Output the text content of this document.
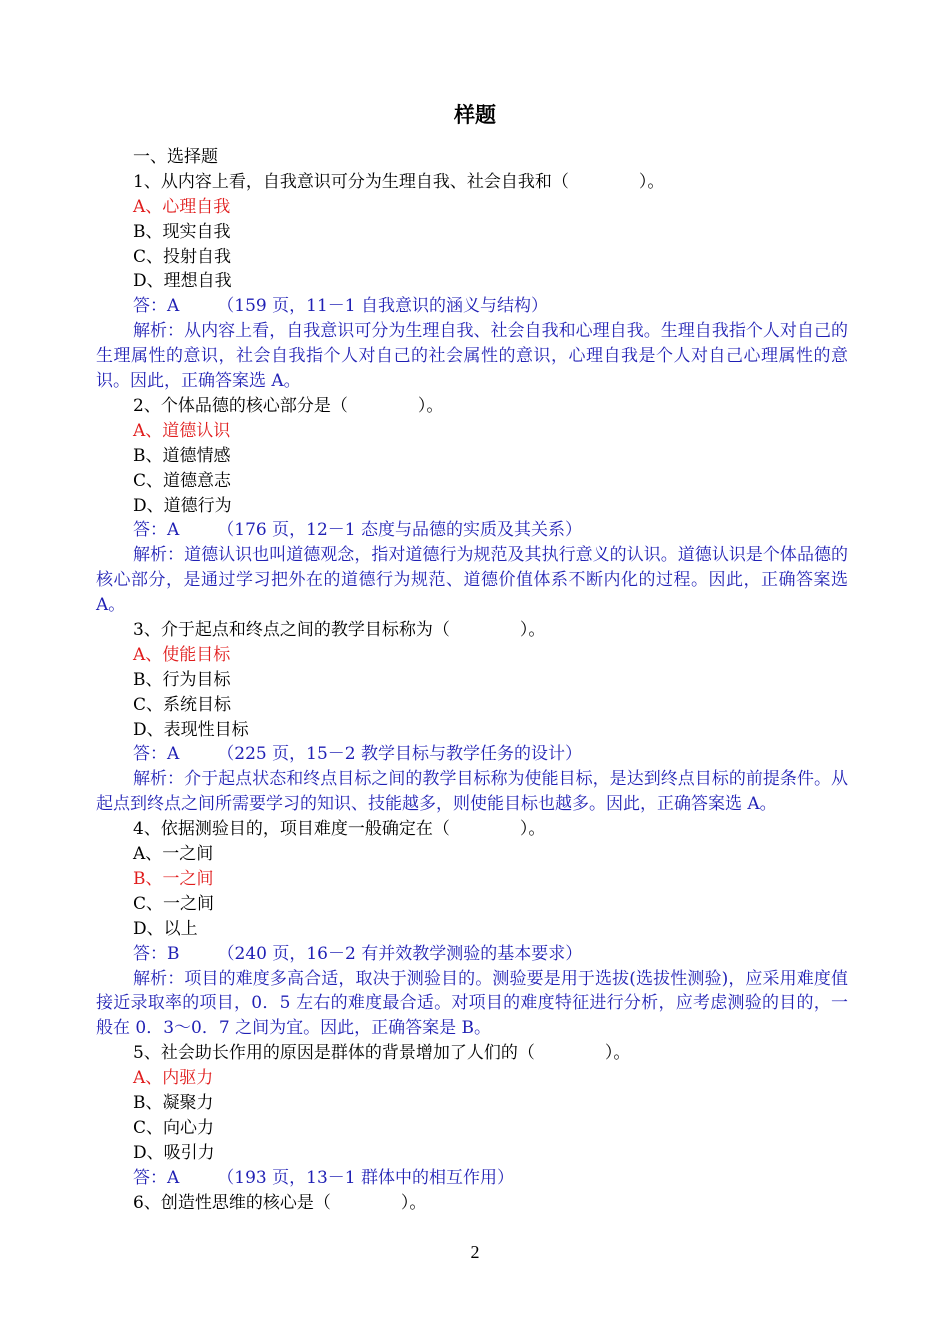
样题
一、选择题
1、从内容上看，自我意识可分为生理自我、社会自我和（	）。
A、心理自我
B、现实自我
C、投射自我
D、理想自我
答：A （159 页，11－1 自我意识的涵义与结构）
解析：从内容上看，自我意识可分为生理自我、社会自我和心理自我。生理自我指个人对自己的生理属性的意识，社会自我指个人对自己的社会属性的意识，心理自我是个人对自己心理属性的意识。因此，正确答案选 A。
2、个体品德的核心部分是（	）。
A、道德认识
B、道德情感
C、道德意志
D、道德行为
答：A （176 页，12－1 态度与品德的实质及其关系）
解析：道德认识也叫道德观念，指对道德行为规范及其执行意义的认识。道德认识是个体品德的核心部分，是通过学习把外在的道德行为规范、道德价值体系不断内化的过程。因此，正确答案选 A。
3、介于起点和终点之间的教学目标称为（	）。
A、使能目标
B、行为目标
C、系统目标
D、表现性目标
答：A （225 页，15－2 教学目标与教学任务的设计）
解析：介于起点状态和终点目标之间的教学目标称为使能目标，是达到终点目标的前提条件。从起点到终点之间所需要学习的知识、技能越多，则使能目标也越多。因此，正确答案选 A。
4、依据测验目的，项目难度一般确定在（	）。
A、一之间
B、一之间
C、一之间
D、以上
答：B （240 页，16－2 有并效教学测验的基本要求）
解析：项目的难度多高合适，取决于测验目的。测验要是用于选拔(选拔性测验)，应采用难度值接近录取率的项目，0．5 左右的难度最合适。对项目的难度特征进行分析，应考虑测验的目的，一般在 0．3～0．7 之间为宜。因此，正确答案是 B。
5、社会助长作用的原因是群体的背景增加了人们的（	）。
A、内驱力
B、凝聚力
C、向心力
D、吸引力
答：A （193 页，13－1 群体中的相互作用）
6、创造性思维的核心是（	）。
2
